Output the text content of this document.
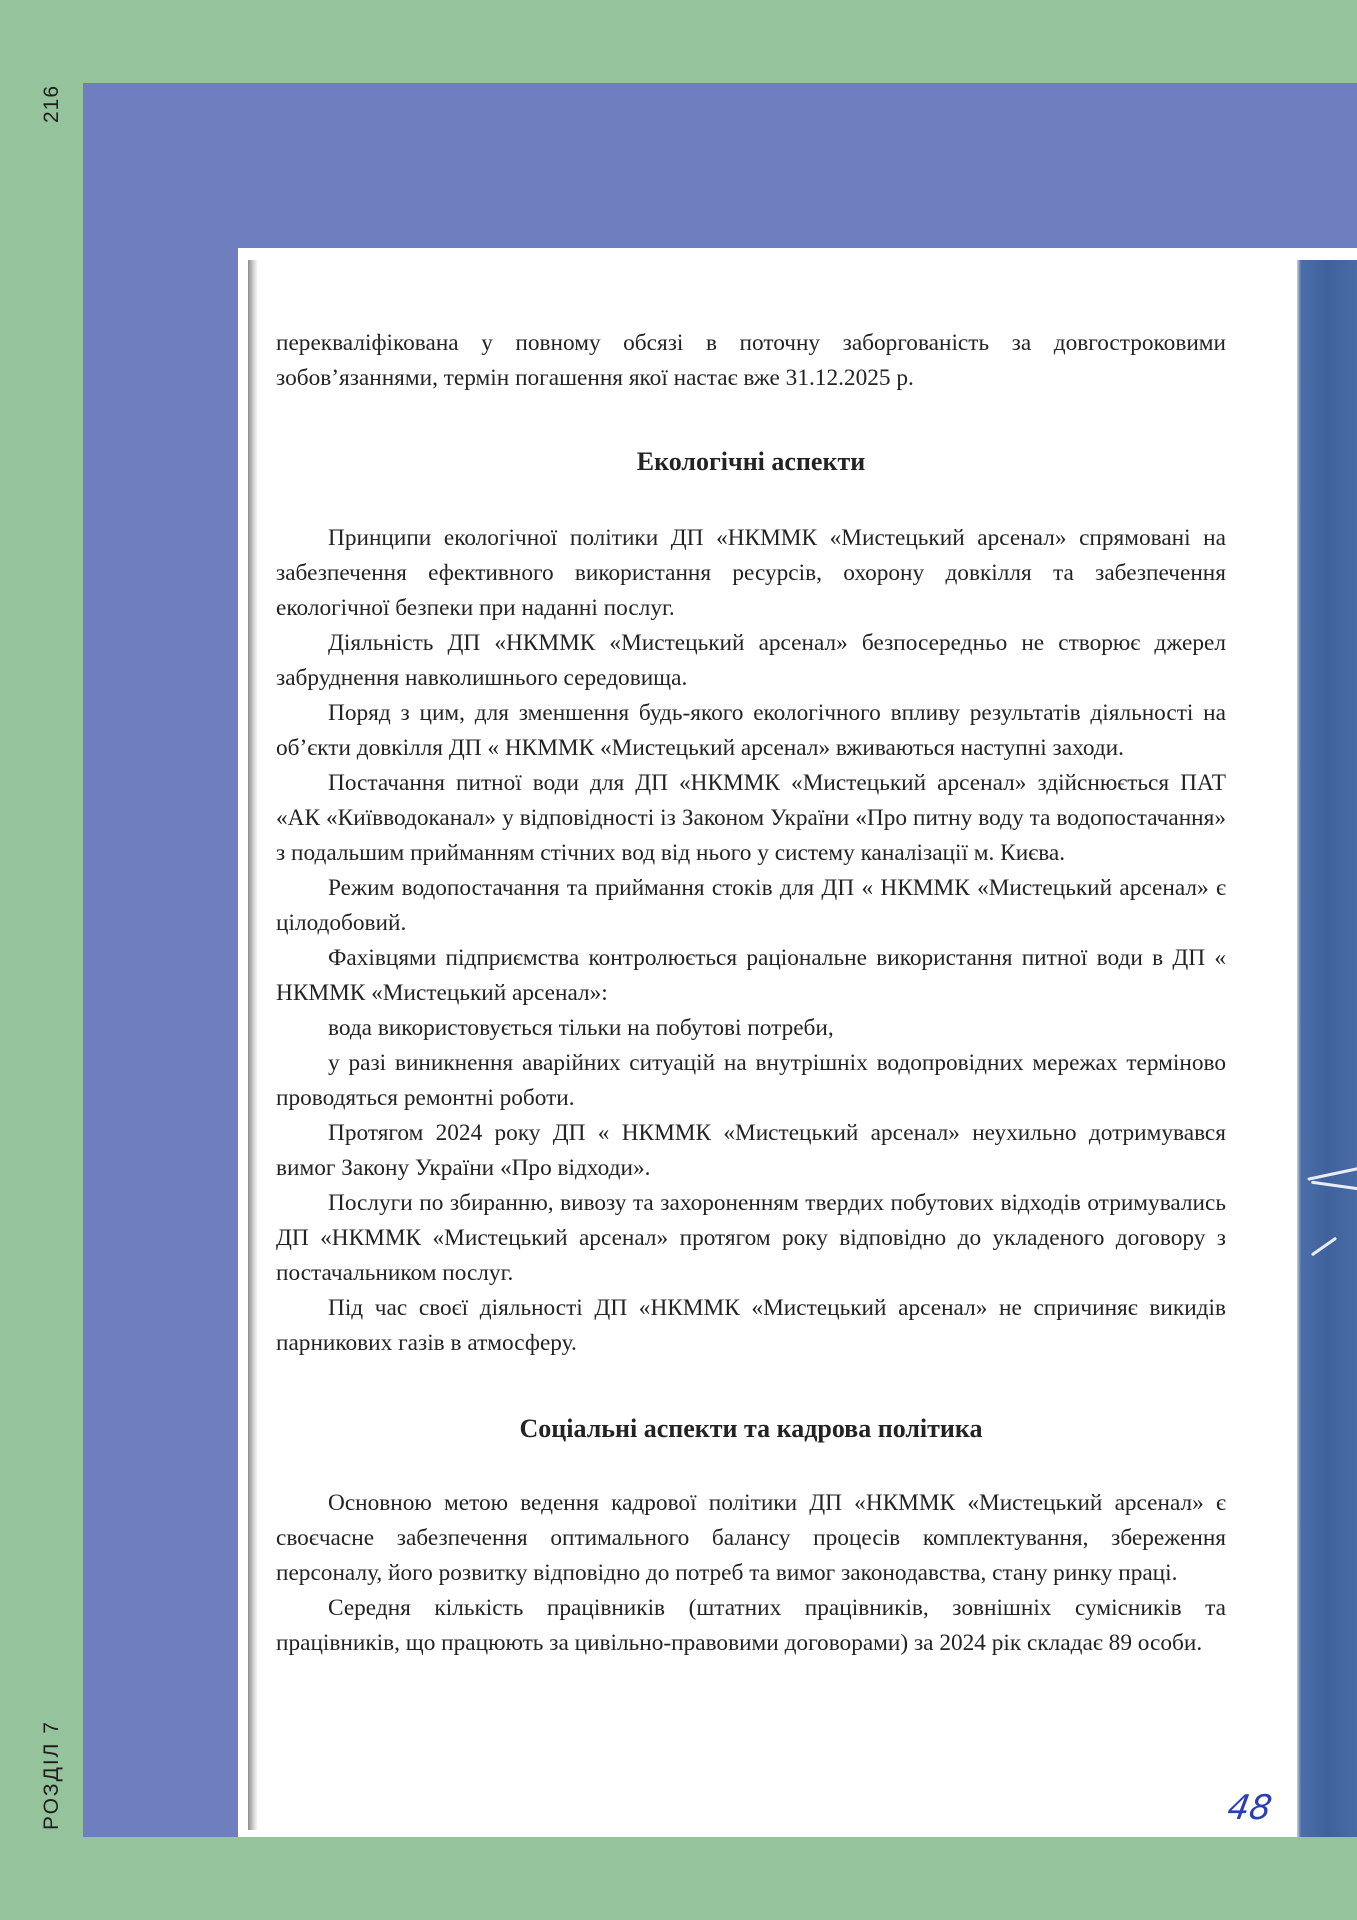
216
РОЗДІЛ 7

перекваліфікована у повному обсязі в поточну заборгованість за довгостроковими зобов’язаннями, термін погашення якої настає вже 31.12.2025 р.

Екологічні аспекти

Принципи екологічної політики ДП «НКММК «Мистецький арсенал» спрямовані на забезпечення ефективного використання ресурсів, охорону довкілля та забезпечення екологічної безпеки при наданні послуг.

Діяльність ДП «НКММК «Мистецький арсенал» безпосередньо не створює джерел забруднення навколишнього середовища.

Поряд з цим, для зменшення будь-якого екологічного впливу результатів діяльності на об’єкти довкілля ДП « НКММК «Мистецький арсенал» вживаються наступні заходи.

Постачання питної води для ДП «НКММК «Мистецький арсенал» здійснюється ПАТ «АК «Київводоканал» у відповідності із Законом України «Про питну воду та водопостачання» з подальшим прийманням стічних вод від нього у систему каналізації м. Києва.

Режим водопостачання та приймання стоків для ДП « НКММК «Мистецький арсенал» є цілодобовий.

Фахівцями підприємства контролюється раціональне використання питної води в ДП « НКММК «Мистецький арсенал»:

вода використовується тільки на побутові потреби,

у разі виникнення аварійних ситуацій на внутрішніх водопровідних мережах терміново проводяться ремонтні роботи.

Протягом 2024 року ДП « НКММК «Мистецький арсенал» неухильно дотримувався вимог Закону України «Про відходи».

Послуги по збиранню, вивозу та захороненням твердих побутових відходів отримувались ДП «НКММК «Мистецький арсенал» протягом року відповідно до укладеного договору з постачальником послуг.

Під час своєї діяльності ДП «НКММК «Мистецький арсенал» не спричиняє викидів парникових газів в атмосферу.

Соціальні аспекти та кадрова політика

Основною метою ведення кадрової політики ДП «НКММК «Мистецький арсенал» є своєчасне забезпечення оптимального балансу процесів комплектування, збереження персоналу, його розвитку відповідно до потреб та вимог законодавства, стану ринку праці.

Середня кількість працівників (штатних працівників, зовнішніх сумісників та працівників, що працюють за цивільно-правовими договорами) за 2024 рік складає 89 особи.

48
